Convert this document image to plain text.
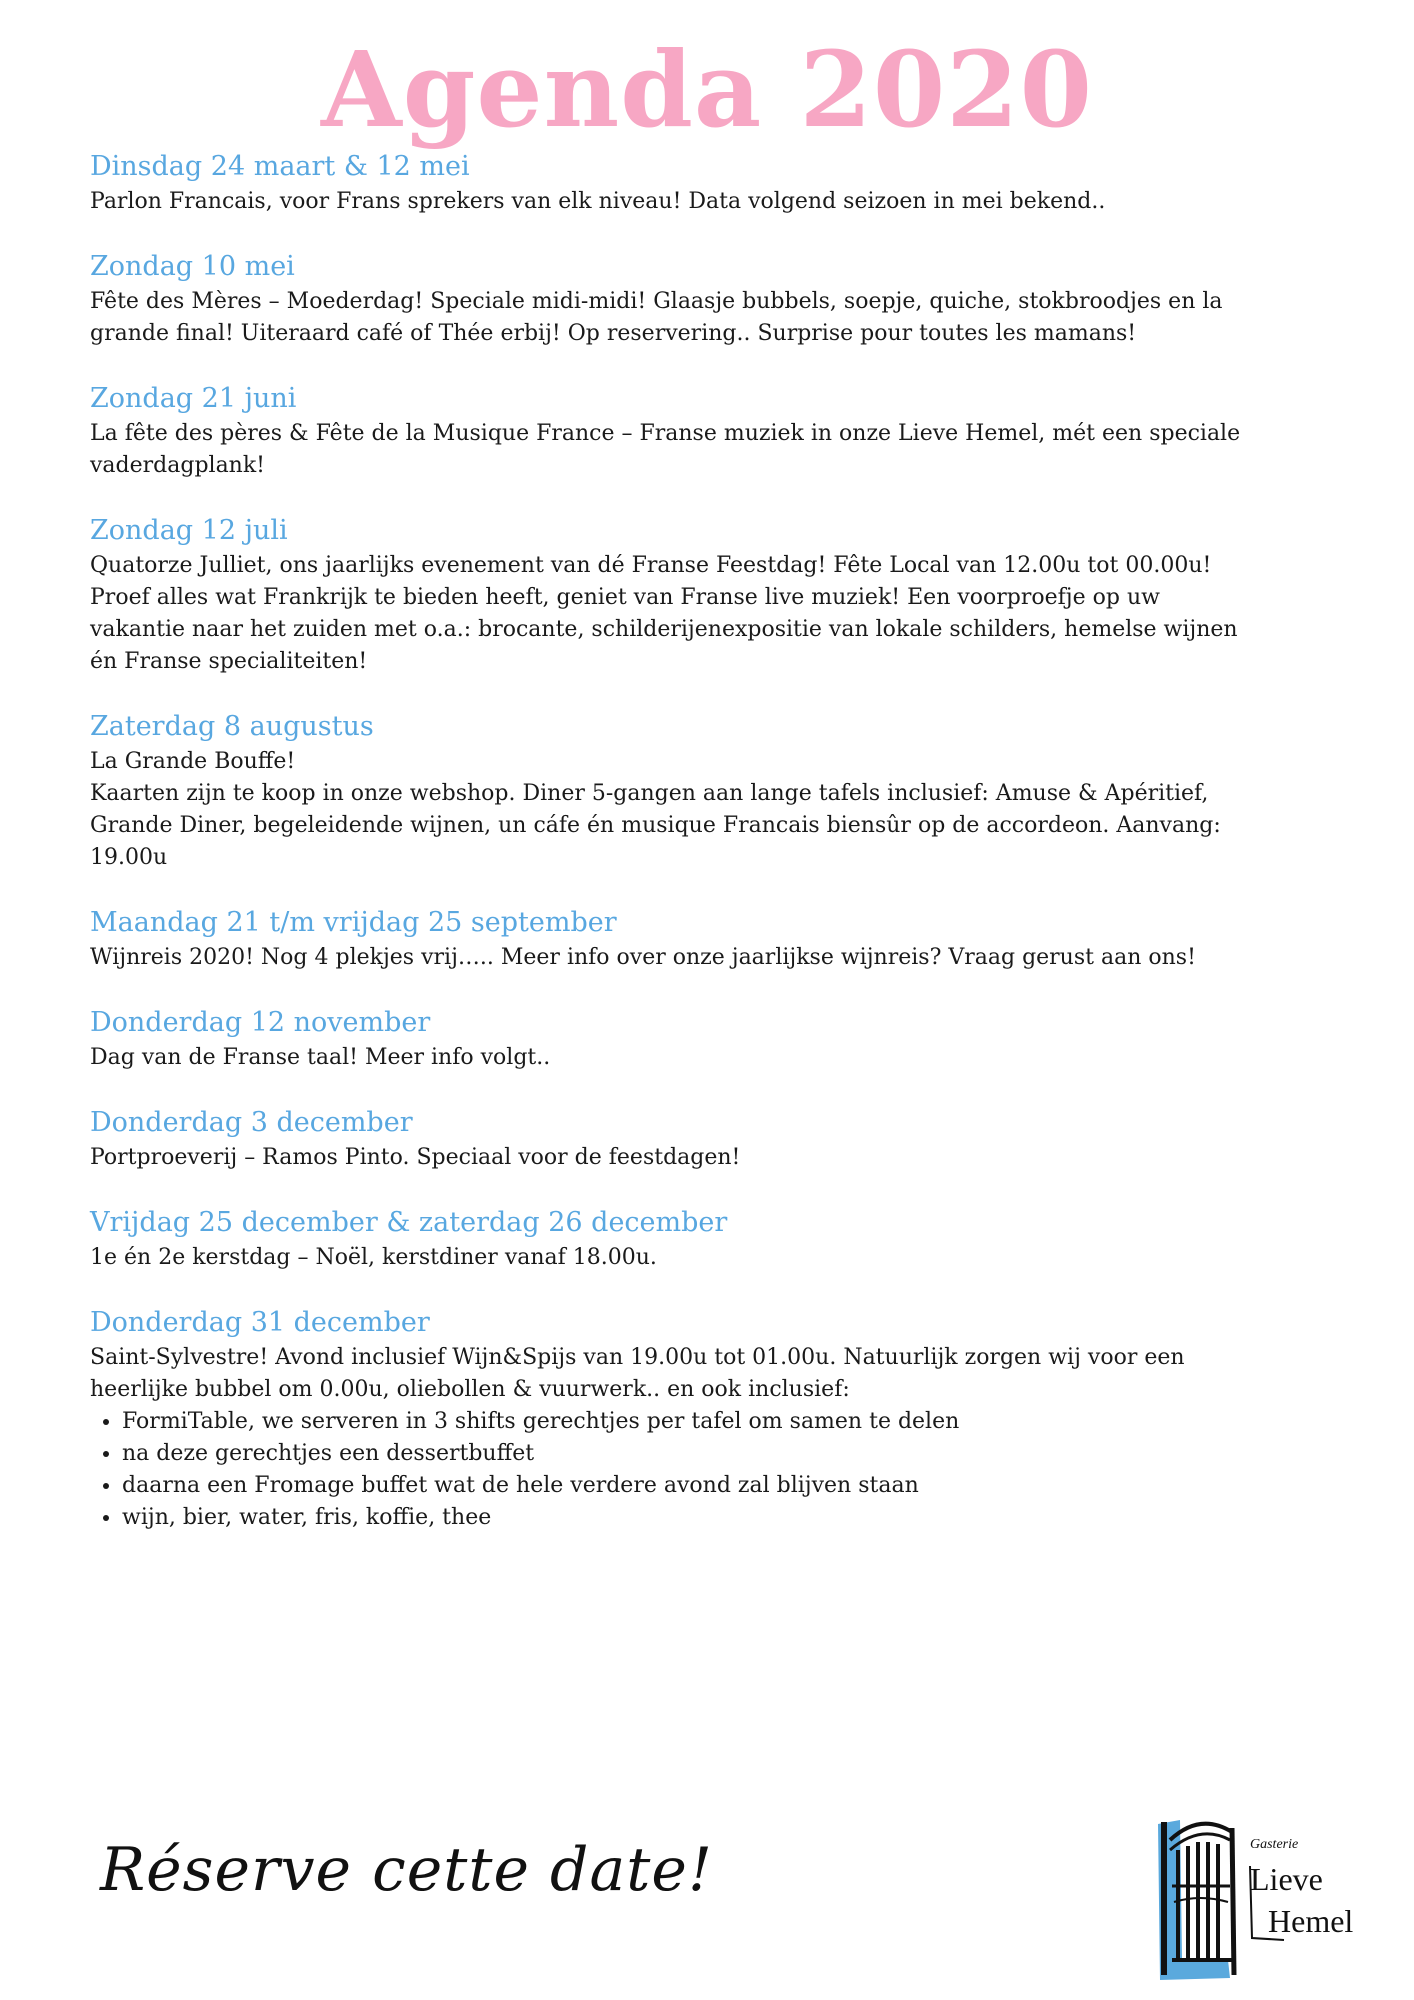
Agenda 2020
Dinsdag 24 maart & 12 mei

Parlon Francais, voor Frans sprekers van elk niveau! Data volgend seizoen in mei bekend..

Zondag 10 mei

Fête des Mères – Moederdag! Speciale midi-midi! Glaasje bubbels, soepje, quiche, stokbroodjes en la grande final! Uiteraard café of Thée erbij! Op reservering.. Surprise pour toutes les mamans!

Zondag 21 juni

La fête des pères & Fête de la Musique France – Franse muziek in onze Lieve Hemel, mét een speciale vaderdagplank!

Zondag 12 juli

Quatorze Julliet, ons jaarlijks evenement van dé Franse Feestdag! Fête Local van 12.00u tot 00.00u! Proef alles wat Frankrijk te bieden heeft, geniet van Franse live muziek! Een voorproefje op uw vakantie naar het zuiden met o.a.: brocante, schilderijenexpositie van lokale schilders, hemelse wijnen én Franse specialiteiten!

Zaterdag 8 augustus

La Grande Bouffe!

Kaarten zijn te koop in onze webshop. Diner 5-gangen aan lange tafels inclusief: Amuse & Apéritief, Grande Diner, begeleidende wijnen, un cáfe én musique Francais biensûr op de accordeon. Aanvang: 19.00u

Maandag 21 t/m vrijdag 25 september

Wijnreis 2020! Nog 4 plekjes vrij….. Meer info over onze jaarlijkse wijnreis? Vraag gerust aan ons!

Donderdag 12 november

Dag van de Franse taal! Meer info volgt..

Donderdag 3 december

Portproeverij – Ramos Pinto. Speciaal voor de feestdagen!

Vrijdag 25 december & zaterdag 26 december

1e én 2e kerstdag – Noël, kerstdiner vanaf 18.00u.

Donderdag 31 december

Saint-Sylvestre! Avond inclusief Wijn&Spijs van 19.00u tot 01.00u. Natuurlijk zorgen wij voor een heerlijke bubbel om 0.00u, oliebollen & vuurwerk.. en ook inclusief:

• FormiTable, we serveren in 3 shifts gerechtjes per tafel om samen te delen
• na deze gerechtjes een dessertbuffet
• daarna een Fromage buffet wat de hele verdere avond zal blijven staan
• wijn, bier, water, fris, koffie, thee
Réserve cette date!	Gasterie
Lieve
Hemel
